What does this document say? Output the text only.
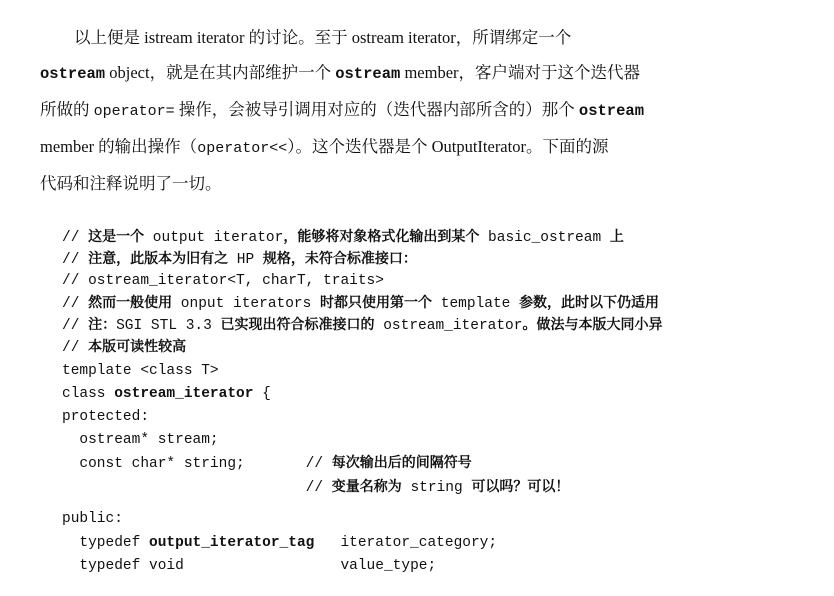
以上便是 istream iterator 的讨论。至于 ostream iterator，所谓绑定一个
ostream object，就是在其内部维护一个 ostream member，客户端对于这个迭代器
所做的 operator= 操作，会被导引调用对应的（迭代器内部所含的）那个 ostream
member 的输出操作（operator<<）。这个迭代器是个 OutputIterator。下面的源
代码和注释说明了一切。
// 这是一个 output iterator，能够将对象格式化输出到某个 basic_ostream 上
// 注意，此版本为旧有之 HP 规格，未符合标准接口：
// ostream_iterator<T, charT, traits>
// 然而一般使用 onput iterators 时都只使用第一个 template 参数，此时以下仍适用
// 注：SGI STL 3.3 已实现出符合标准接口的 ostream_iterator。做法与本版大同小异
// 本版可读性较高
template <class T>
class ostream_iterator {
protected:
ostream* stream;
const char* string;       // 每次输出后的间隔符号
// 变量名称为 string 可以吗？可以！
public:
typedef output_iterator_tag   iterator_category;
typedef void                  value_type;
